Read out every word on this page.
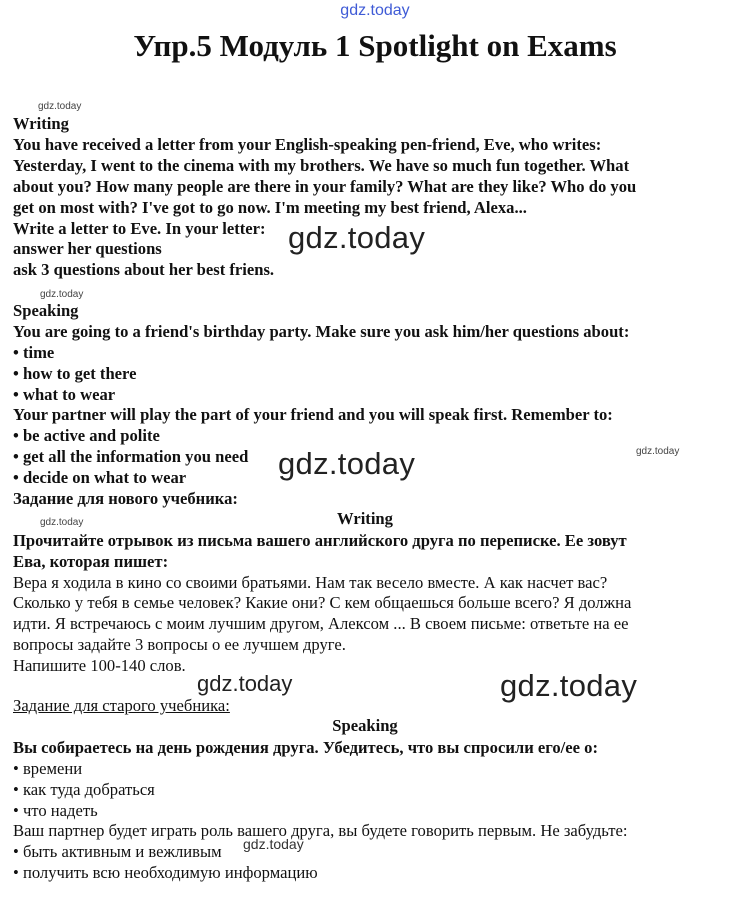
gdz.today
Упр.5 Модуль 1 Spotlight on Exams
gdz.today
Writing
You have received a letter from your English-speaking pen-friend, Eve, who writes:
Yesterday, I went to the cinema with my brothers. We have so much fun together. What
about you? How many people are there in your family? What are they like? Who do you
get on most with? I've got to go now. I'm meeting my best friend, Alexa...
Write a letter to Eve. In your letter:
answer her questions
ask 3 questions about her best friens.
gdz.today
gdz.today
Speaking
You are going to a friend's birthday party. Make sure you ask him/her questions about:
• time
• how to get there
• what to wear
Your partner will play the part of your friend and you will speak first. Remember to:
• be active and polite
• get all the information you need
• decide on what to wear
gdz.today
gdz.today
Задание для нового учебника:
Writing
gdz.today
Прочитайте отрывок из письма вашего английского друга по переписке. Ее зовут
Ева, которая пишет:
Вера я ходила в кино со своими братьями. Нам так весело вместе. А как насчет вас?
Сколько у тебя в семье человек? Какие они? С кем общаешься больше всего? Я должна
идти. Я встречаюсь с моим лучшим другом, Алексом ... В своем письме: ответьте на ее
вопросы задайте 3 вопросы о ее лучшем друге.
Напишите 100-140 слов.
gdz.today	gdz.today
Задание для старого учебника:
Speaking
Вы собираетесь на день рождения друга. Убедитесь, что вы спросили его/ее о:
• времени
• как туда добраться
• что надеть
Ваш партнер будет играть роль вашего друга, вы будете говорить первым. Не забудьте:
• быть активным и вежливым
• получить всю необходимую информацию
gdz.today
